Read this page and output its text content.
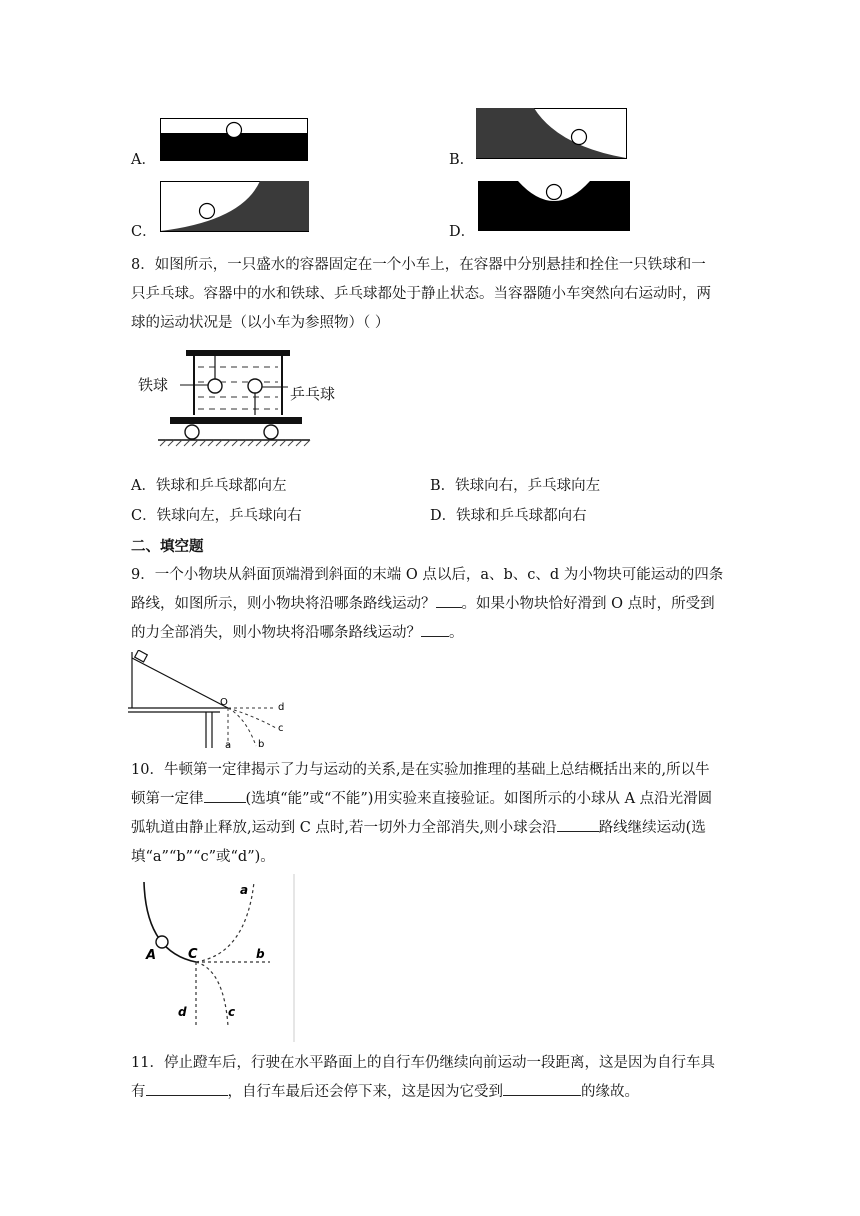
A．	B．
C．	D．
8．如图所示，一只盛水的容器固定在一个小车上，在容器中分别悬挂和拴住一只铁球和一
只乒乓球。容器中的水和铁球、乒乓球都处于静止状态。当容器随小车突然向右运动时，两
球的运动状况是（以小车为参照物）（ ）
铁球	乒乓球
A．铁球和乒乓球都向左	B．铁球向右，乒乓球向左
C．铁球向左，乒乓球向右	D．铁球和乒乓球都向右
二、填空题
9．一个小物块从斜面顶端滑到斜面的末端 O 点以后，a、b、c、d 为小物块可能运动的四条
路线，如图所示，则小物块将沿哪条路线运动？ 。如果小物块恰好滑到 O 点时，所受到
的力全部消失，则小物块将沿哪条路线运动？ 。
O	d
c
b
a
10．牛顿第一定律揭示了力与运动的关系,是在实验加推理的基础上总结概括出来的,所以牛
顿第一定律	(选填“能”或“不能”)用实验来直接验证。如图所示的小球从 A 点沿光滑圆
弧轨道由静止释放,运动到 C 点时,若一切外力全部消失,则小球会沿	路线继续运动(选
填“a”“b”“c”或“d”)。
A C
a
b
c
d
11．停止蹬车后，行驶在水平路面上的自行车仍继续向前运动一段距离，这是因为自行车具
有	，自行车最后还会停下来，这是因为它受到	的缘故。
